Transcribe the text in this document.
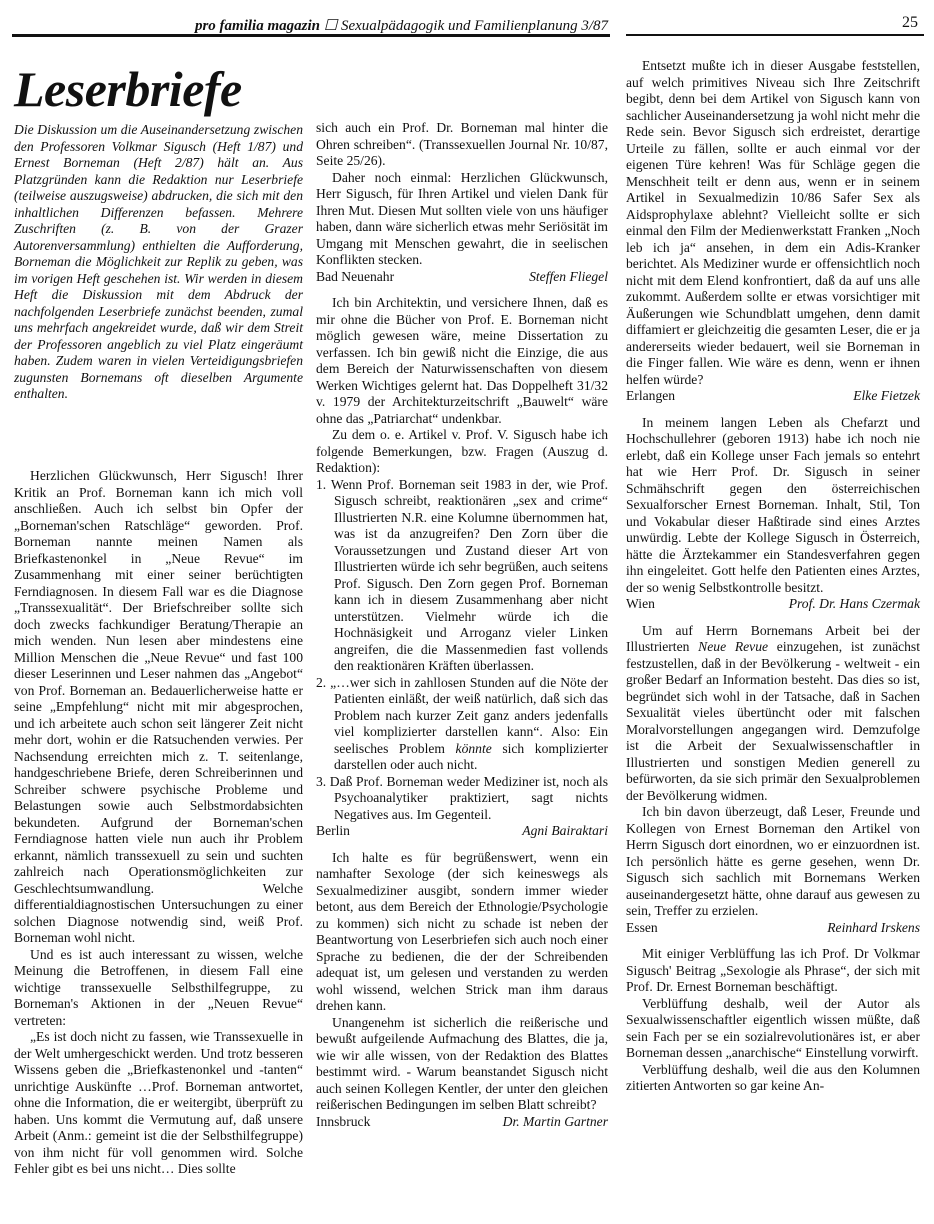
pro familia magazin ☐ Sexualpädagogik und Familienplanung 3/87	25
Leserbriefe
Die Diskussion um die Auseinandersetzung zwischen den Professoren Volkmar Sigusch (Heft 1/87) und Ernest Borneman (Heft 2/87) hält an. Aus Platzgründen kann die Redaktion nur Leserbriefe (teilweise auszugsweise) abdrucken, die sich mit den inhaltlichen Differenzen befassen. Mehrere Zuschriften (z. B. von der Grazer Autorenversammlung) enthielten die Aufforderung, Borneman die Möglichkeit zur Replik zu geben, was im vorigen Heft geschehen ist. Wir werden in diesem Heft die Diskussion mit dem Abdruck der nachfolgenden Leserbriefe zunächst beenden, zumal uns mehrfach angekreidet wurde, daß wir dem Streit der Professoren angeblich zu viel Platz eingeräumt haben. Zudem waren in vielen Verteidigungsbriefen zugunsten Bornemans oft dieselben Argumente enthalten.

Herzlichen Glückwunsch, Herr Sigusch! Ihrer Kritik an Prof. Borneman kann ich mich voll anschließen. Auch ich selbst bin Opfer der „Borneman'schen Ratschläge“ geworden. Prof. Borneman nannte meinen Namen als Briefkastenonkel in „Neue Revue“ im Zusammenhang mit einer seiner berüchtigten Ferndiagnosen. In diesem Fall war es die Diagnose „Transsexualität“. Der Briefschreiber sollte sich doch zwecks fachkundiger Beratung/Therapie an mich wenden. Nun lesen aber mindestens eine Million Menschen die „Neue Revue“ und fast 100 dieser Leserinnen und Leser nahmen das „Angebot“ von Prof. Borneman an. Bedauerlicherweise hatte er seine „Empfehlung“ nicht mit mir abgesprochen, und ich arbeitete auch schon seit längerer Zeit nicht mehr dort, wohin er die Ratsuchenden verwies. Per Nachsendung erreichten mich z. T. seitenlange, handgeschriebene Briefe, deren Schreiberinnen und Schreiber schwere psychische Probleme und Belastungen sowie auch Selbstmordabsichten bekundeten. Aufgrund der Borneman'schen Ferndiagnose hatten viele nun auch ihr Problem erkannt, nämlich transsexuell zu sein und suchten zahlreich nach Operationsmöglichkeiten zur Geschlechtsumwandlung. Welche differentialdiagnostischen Untersuchungen zu einer solchen Diagnose notwendig sind, weiß Prof. Borneman wohl nicht.

Und es ist auch interessant zu wissen, welche Meinung die Betroffenen, in diesem Fall eine wichtige transsexuelle Selbsthilfegruppe, zu Borneman's Aktionen in der „Neuen Revue“ vertreten:

„Es ist doch nicht zu fassen, wie Transsexuelle in der Welt umhergeschickt werden. Und trotz besseren Wissens geben die „Briefkastenonkel und -tanten“ unrichtige Auskünfte …Prof. Borneman antwortet, ohne die Information, die er weitergibt, überprüft zu haben. Uns kommt die Vermutung auf, daß unsere Arbeit (Anm.: gemeint ist die der Selbsthilfegruppe) von ihm nicht für voll genommen wird. Solche Fehler gibt es bei uns nicht… Dies sollte

sich auch ein Prof. Dr. Borneman mal hinter die Ohren schreiben“. (Transsexuellen Journal Nr. 10/87, Seite 25/26).

Daher noch einmal: Herzlichen Glückwunsch, Herr Sigusch, für Ihren Artikel und vielen Dank für Ihren Mut. Diesen Mut sollten viele von uns häufiger haben, dann wäre sicherlich etwas mehr Seriösität im Umgang mit Menschen gewahrt, die in seelischen Konflikten stecken.

Bad Neuenahr	Steffen Fliegel

Ich bin Architektin, und versichere Ihnen, daß es mir ohne die Bücher von Prof. E. Borneman nicht möglich gewesen wäre, meine Dissertation zu verfassen. Ich bin gewiß nicht die Einzige, die aus dem Bereich der Naturwissenschaften von diesem Werken Wichtiges gelernt hat. Das Doppelheft 31/32 v. 1979 der Architekturzeitschrift „Bauwelt“ wäre ohne das „Patriarchat“ undenkbar.

Zu dem o. e. Artikel v. Prof. V. Sigusch habe ich folgende Bemerkungen, bzw. Fragen (Auszug d. Redaktion):

1. Wenn Prof. Borneman seit 1983 in der, wie Prof. Sigusch schreibt, reaktionären „sex and crime“ Illustrierten N.R. eine Kolumne übernommen hat, was ist da anzugreifen? Den Zorn über die Voraussetzungen und Zustand dieser Art von Illustrierten würde ich sehr begrüßen, auch seitens Prof. Sigusch. Den Zorn gegen Prof. Borneman kann ich in diesem Zusammenhang aber nicht unterstützen. Vielmehr würde ich die Hochnäsigkeit und Arroganz vieler Linken angreifen, die die Massenmedien fast vollends den reaktionären Kräften überlassen.
2. „…wer sich in zahllosen Stunden auf die Nöte der Patienten einläßt, der weiß natürlich, daß sich das Problem nach kurzer Zeit ganz anders jedenfalls viel komplizierter darstellen kann“. Also: Ein seelisches Problem könnte sich komplizierter darstellen oder auch nicht.
3. Daß Prof. Borneman weder Mediziner ist, noch als Psychoanalytiker praktiziert, sagt nichts Negatives aus. Im Gegenteil.
Berlin	Agni Bairaktari

Ich halte es für begrüßenswert, wenn ein namhafter Sexologe (der sich keineswegs als Sexualmediziner ausgibt, sondern immer wieder betont, aus dem Bereich der Ethnologie/Psychologie zu kommen) sich nicht zu schade ist neben der Beantwortung von Leserbriefen sich auch noch einer Sprache zu bedienen, die der der Schreibenden adequat ist, um gelesen und verstanden zu werden wohl wissend, welchen Strick man ihm daraus drehen kann.

Unangenehm ist sicherlich die reißerische und bewußt aufgeilende Aufmachung des Blattes, die ja, wie wir alle wissen, von der Redaktion des Blattes bestimmt wird. - Warum beanstandet Sigusch nicht auch seinen Kollegen Kentler, der unter den gleichen reißerischen Bedingungen im selben Blatt schreibt?

Innsbruck	Dr. Martin Gartner

Entsetzt mußte ich in dieser Ausgabe feststellen, auf welch primitives Niveau sich Ihre Zeitschrift begibt, denn bei dem Artikel von Sigusch kann von sachlicher Auseinandersetzung ja wohl nicht mehr die Rede sein. Bevor Sigusch sich erdreistet, derartige Urteile zu fällen, sollte er auch einmal vor der eigenen Türe kehren! Was für Schläge gegen die Menschheit teilt er denn aus, wenn er in seinem Artikel in Sexualmedizin 10/86 Safer Sex als Aidsprophylaxe ablehnt? Vielleicht sollte er sich einmal den Film der Medienwerkstatt Franken „Noch leb ich ja“ ansehen, in dem ein Adis-Kranker berichtet. Als Mediziner wurde er offensichtlich noch nicht mit dem Elend konfrontiert, daß da auf uns alle zukommt. Außerdem sollte er etwas vorsichtiger mit Äußerungen wie Schundblatt umgehen, denn damit diffamiert er gleichzeitig die gesamten Leser, die er ja andererseits wieder bedauert, weil sie Borneman in die Finger fallen. Wie wäre es denn, wenn er ihnen helfen würde?

Erlangen	Elke Fietzek

In meinem langen Leben als Chefarzt und Hochschullehrer (geboren 1913) habe ich noch nie erlebt, daß ein Kollege unser Fach jemals so entehrt hat wie Herr Prof. Dr. Sigusch in seiner Schmähschrift gegen den österreichischen Sexualforscher Ernest Borneman. Inhalt, Stil, Ton und Vokabular dieser Haßtirade sind eines Arztes unwürdig. Lebte der Kollege Sigusch in Österreich, hätte die Ärztekammer ein Standesverfahren gegen ihn eingeleitet. Gott helfe den Patienten eines Arztes, der so wenig Selbstkontrolle besitzt.

Wien	Prof. Dr. Hans Czermak

Um auf Herrn Bornemans Arbeit bei der Illustrierten Neue Revue einzugehen, ist zunächst festzustellen, daß in der Bevölkerung - weltweit - ein großer Bedarf an Information besteht. Das dies so ist, begründet sich wohl in der Tatsache, daß in Sachen Sexualität vieles übertüncht oder mit falschen Moralvorstellungen angegangen wird. Demzufolge ist die Arbeit der Sexualwissenschaftler in Illustrierten und sonstigen Medien generell zu befürworten, da sie sich primär den Sexualproblemen der Bevölkerung widmen.

Ich bin davon überzeugt, daß Leser, Freunde und Kollegen von Ernest Borneman den Artikel von Herrn Sigusch dort einordnen, wo er einzuordnen ist. Ich persönlich hätte es gerne gesehen, wenn Dr. Sigusch sich sachlich mit Bornemans Werken auseinandergesetzt hätte, ohne darauf aus gewesen zu sein, Treffer zu erzielen.

Essen	Reinhard Irskens

Mit einiger Verblüffung las ich Prof. Dr Volkmar Sigusch' Beitrag „Sexologie als Phrase“, der sich mit Prof. Dr. Ernest Borneman beschäftigt.

Verblüffung deshalb, weil der Autor als Sexualwissenschaftler eigentlich wissen müßte, daß sein Fach per se ein sozialrevolutionäres ist, er aber Borneman dessen „anarchische“ Einstellung vorwirft.

Verblüffung deshalb, weil die aus den Kolumnen zitierten Antworten so gar keine An-
